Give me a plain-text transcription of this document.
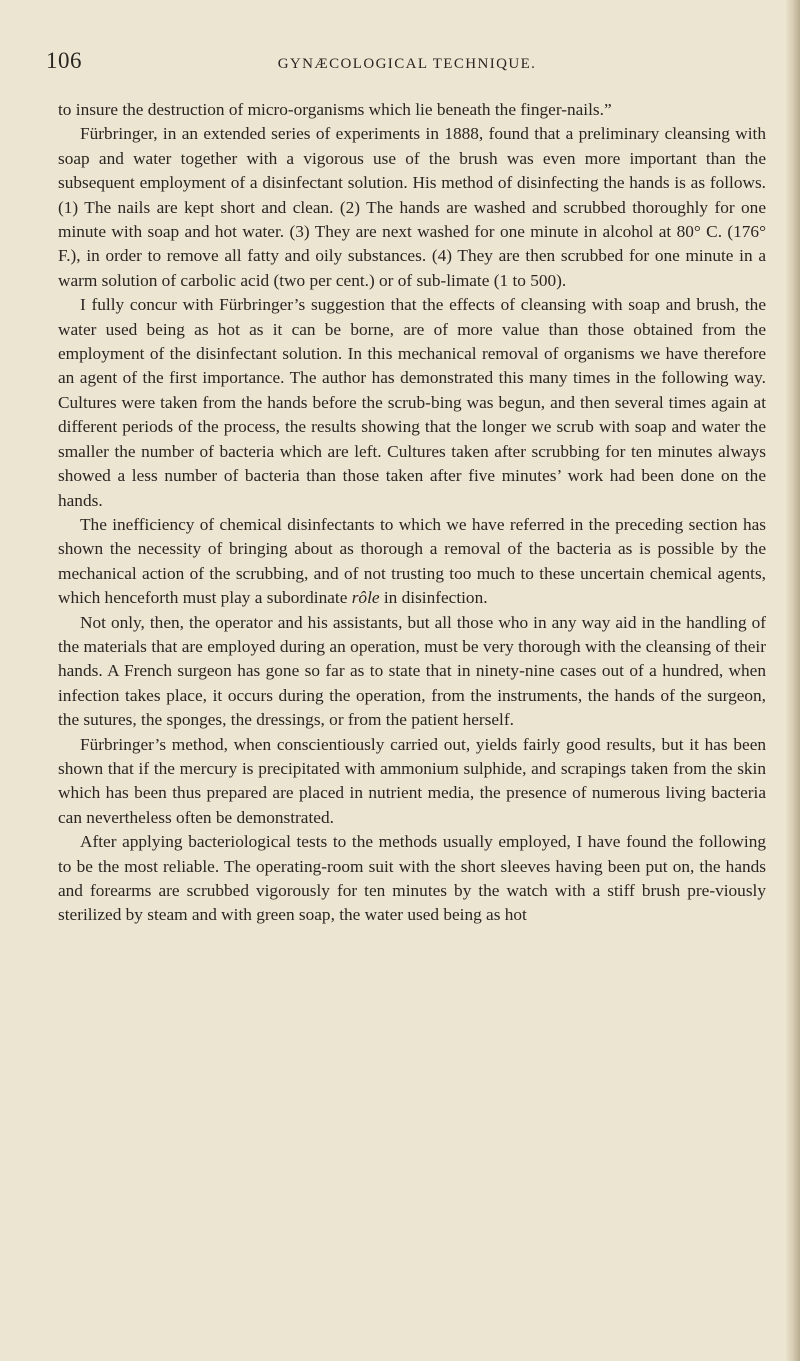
106	GYNÆCOLOGICAL TECHNIQUE.

to insure the destruction of micro-organisms which lie beneath the finger-nails.”

Fürbringer, in an extended series of experiments in 1888, found that a preliminary cleansing with soap and water together with a vigorous use of the brush was even more important than the subsequent employment of a disinfectant solution. His method of disinfecting the hands is as follows. (1) The nails are kept short and clean. (2) The hands are washed and scrubbed thoroughly for one minute with soap and hot water. (3) They are next washed for one minute in alcohol at 80° C. (176° F.), in order to remove all fatty and oily substances. (4) They are then scrubbed for one minute in a warm solution of carbolic acid (two per cent.) or of sub-limate (1 to 500).

I fully concur with Fürbringer’s suggestion that the effects of cleansing with soap and brush, the water used being as hot as it can be borne, are of more value than those obtained from the employment of the disinfectant solution. In this mechanical removal of organisms we have therefore an agent of the first importance. The author has demonstrated this many times in the following way. Cultures were taken from the hands before the scrub-bing was begun, and then several times again at different periods of the process, the results showing that the longer we scrub with soap and water the smaller the number of bacteria which are left. Cultures taken after scrubbing for ten minutes always showed a less number of bacteria than those taken after five minutes’ work had been done on the hands.

The inefficiency of chemical disinfectants to which we have referred in the preceding section has shown the necessity of bringing about as thorough a removal of the bacteria as is possible by the mechanical action of the scrubbing, and of not trusting too much to these uncertain chemical agents, which henceforth must play a subordinate rôle in disinfection.

Not only, then, the operator and his assistants, but all those who in any way aid in the handling of the materials that are employed during an operation, must be very thorough with the cleansing of their hands. A French surgeon has gone so far as to state that in ninety-nine cases out of a hundred, when infection takes place, it occurs during the operation, from the instruments, the hands of the surgeon, the sutures, the sponges, the dressings, or from the patient herself.

Fürbringer’s method, when conscientiously carried out, yields fairly good results, but it has been shown that if the mercury is precipitated with ammonium sulphide, and scrapings taken from the skin which has been thus prepared are placed in nutrient media, the presence of numerous living bacteria can nevertheless often be demonstrated.

After applying bacteriological tests to the methods usually employed, I have found the following to be the most reliable. The operating-room suit with the short sleeves having been put on, the hands and forearms are scrubbed vigorously for ten minutes by the watch with a stiff brush pre-viously sterilized by steam and with green soap, the water used being as hot
